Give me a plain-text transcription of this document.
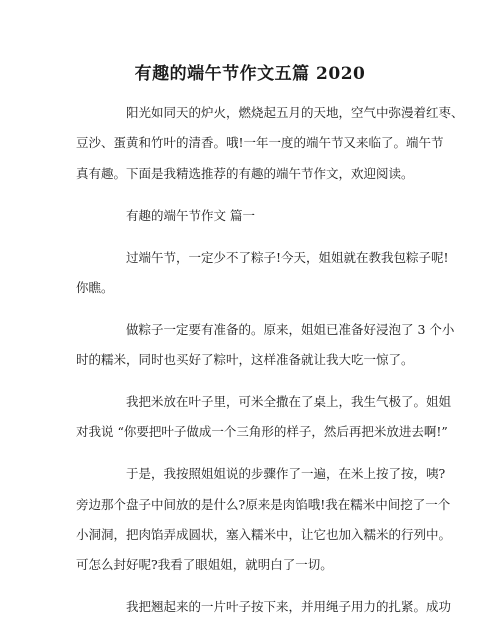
有趣的端午节作文五篇 2020
阳光如同天的炉火，燃烧起五月的天地，空气中弥漫着红枣、
豆沙、蛋黄和竹叶的清香。哦!一年一度的端午节又来临了。端午节
真有趣。下面是我精选推荐的有趣的端午节作文，欢迎阅读。
有趣的端午节作文 篇一
过端午节，一定少不了粽子!今天，姐姐就在教我包粽子呢!
你瞧。
做粽子一定要有准备的。原来，姐姐已准备好浸泡了 3 个小
时的糯米，同时也买好了粽叶，这样准备就让我大吃一惊了。
我把米放在叶子里，可米全撒在了桌上，我生气极了。姐姐
对我说 “你要把叶子做成一个三角形的样子，然后再把米放进去啊!”
于是，我按照姐姐说的步骤作了一遍，在米上按了按，咦?
旁边那个盘子中间放的是什么?原来是肉馅哦!我在糯米中间挖了一个
小洞洞，把肉馅弄成圆状，塞入糯米中，让它也加入糯米的行列中。
可怎么封好呢?我看了眼姐姐，就明白了一切。
我把翘起来的一片叶子按下来，并用绳子用力的扎紧。成功
